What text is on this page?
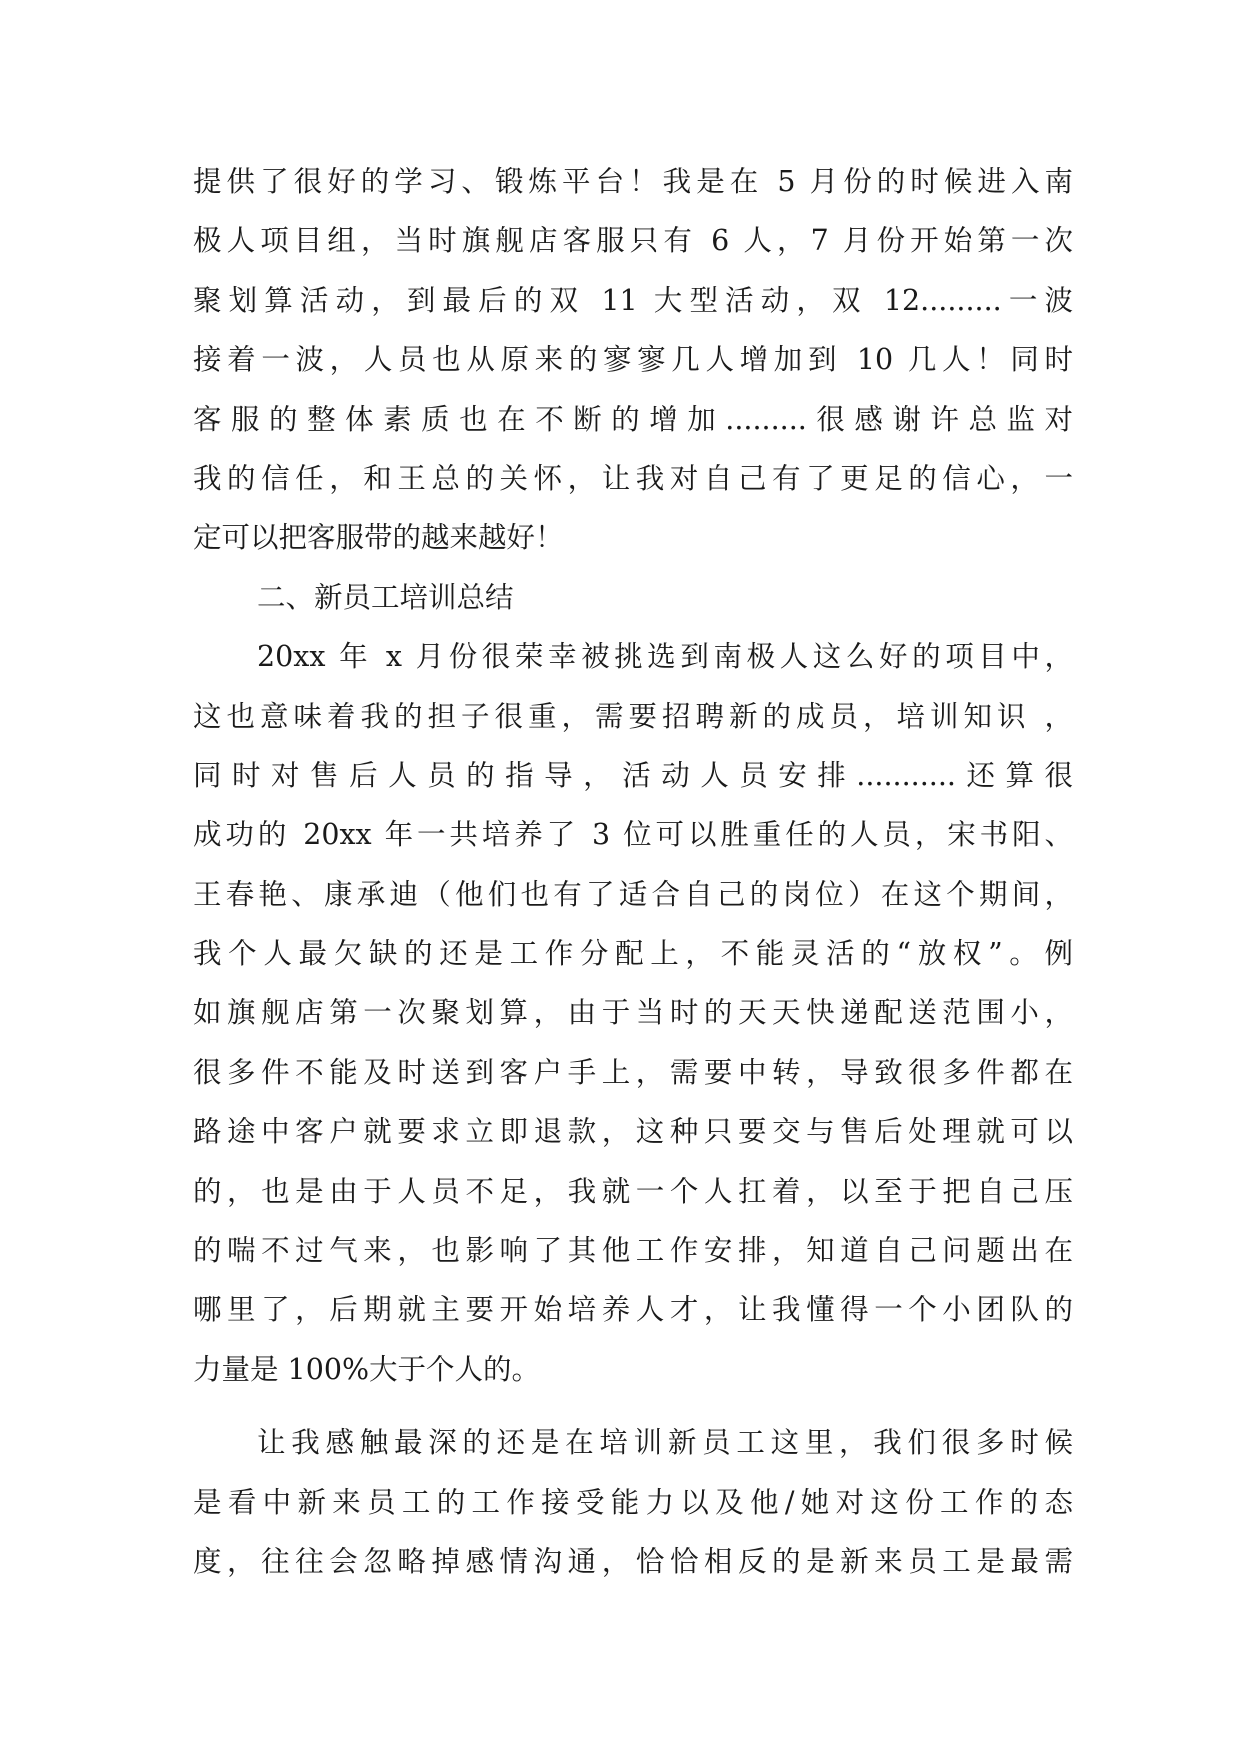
提供了很好的学习、锻炼平台！我是在 5 月份的时候进入南
极人项目组，当时旗舰店客服只有 6 人，7 月份开始第一次
聚划算活动，到最后的双 11 大型活动，双 12.........一波
接着一波，人员也从原来的寥寥几人增加到 10 几人！同时
客服的整体素质也在不断的增加.........很感谢许总监对
我的信任，和王总的关怀，让我对自己有了更足的信心，一
定可以把客服带的越来越好！
二、新员工培训总结
20xx 年 x 月份很荣幸被挑选到南极人这么好的项目中，
这也意味着我的担子很重，需要招聘新的成员，培训知识 ，
同时对售后人员的指导，活动人员安排...........还算很
成功的 20xx 年一共培养了 3 位可以胜重任的人员，宋书阳、
王春艳、康承迪（他们也有了适合自己的岗位）在这个期间，
我个人最欠缺的还是工作分配上，不能灵活的“放权”。例
如旗舰店第一次聚划算，由于当时的天天快递配送范围小，
很多件不能及时送到客户手上，需要中转，导致很多件都在
路途中客户就要求立即退款，这种只要交与售后处理就可以
的，也是由于人员不足，我就一个人扛着，以至于把自己压
的喘不过气来，也影响了其他工作安排，知道自己问题出在
哪里了，后期就主要开始培养人才，让我懂得一个小团队的
力量是 100%大于个人的。
让我感触最深的还是在培训新员工这里，我们很多时候
是看中新来员工的工作接受能力以及他/她对这份工作的态
度，往往会忽略掉感情沟通，恰恰相反的是新来员工是最需
